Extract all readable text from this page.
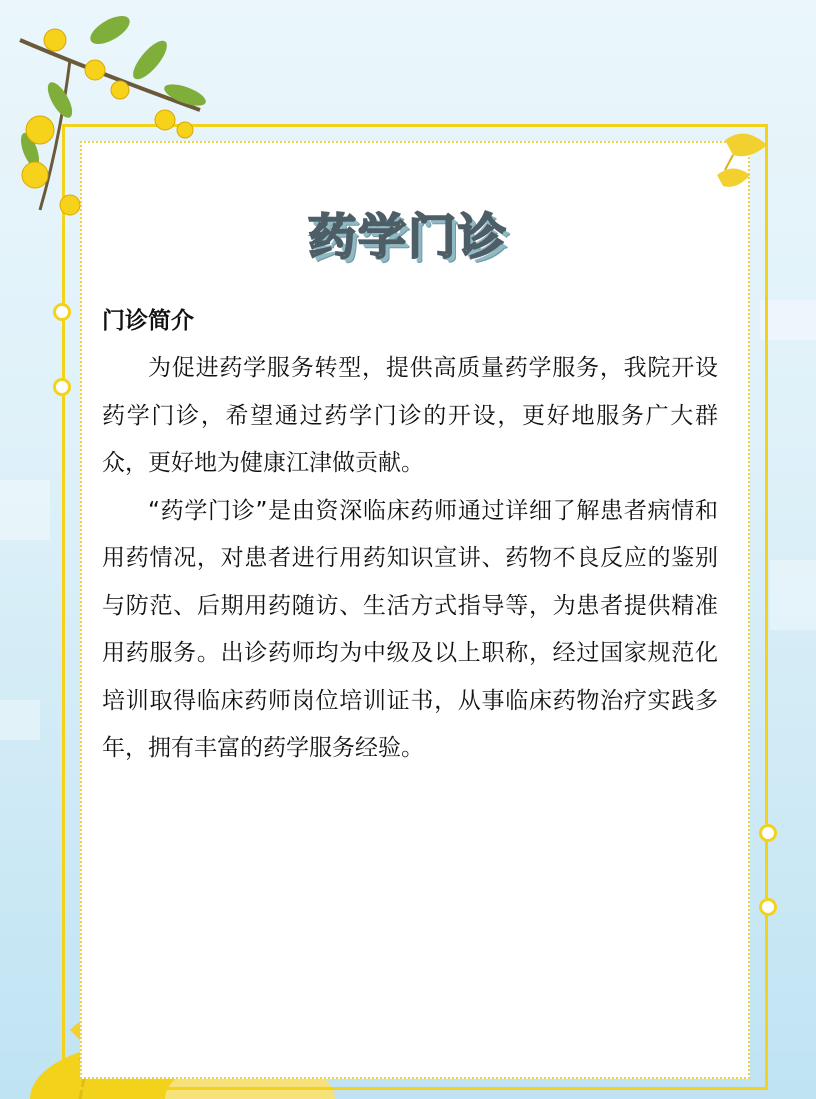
药学门诊
门诊简介

为促进药学服务转型，提供高质量药学服务，我院开设药学门诊，希望通过药学门诊的开设，更好地服务广大群众，更好地为健康江津做贡献。

“药学门诊”是由资深临床药师通过详细了解患者病情和用药情况，对患者进行用药知识宣讲、药物不良反应的鉴别与防范、后期用药随访、生活方式指导等，为患者提供精准用药服务。出诊药师均为中级及以上职称，经过国家规范化培训取得临床药师岗位培训证书，从事临床药物治疗实践多年，拥有丰富的药学服务经验。
